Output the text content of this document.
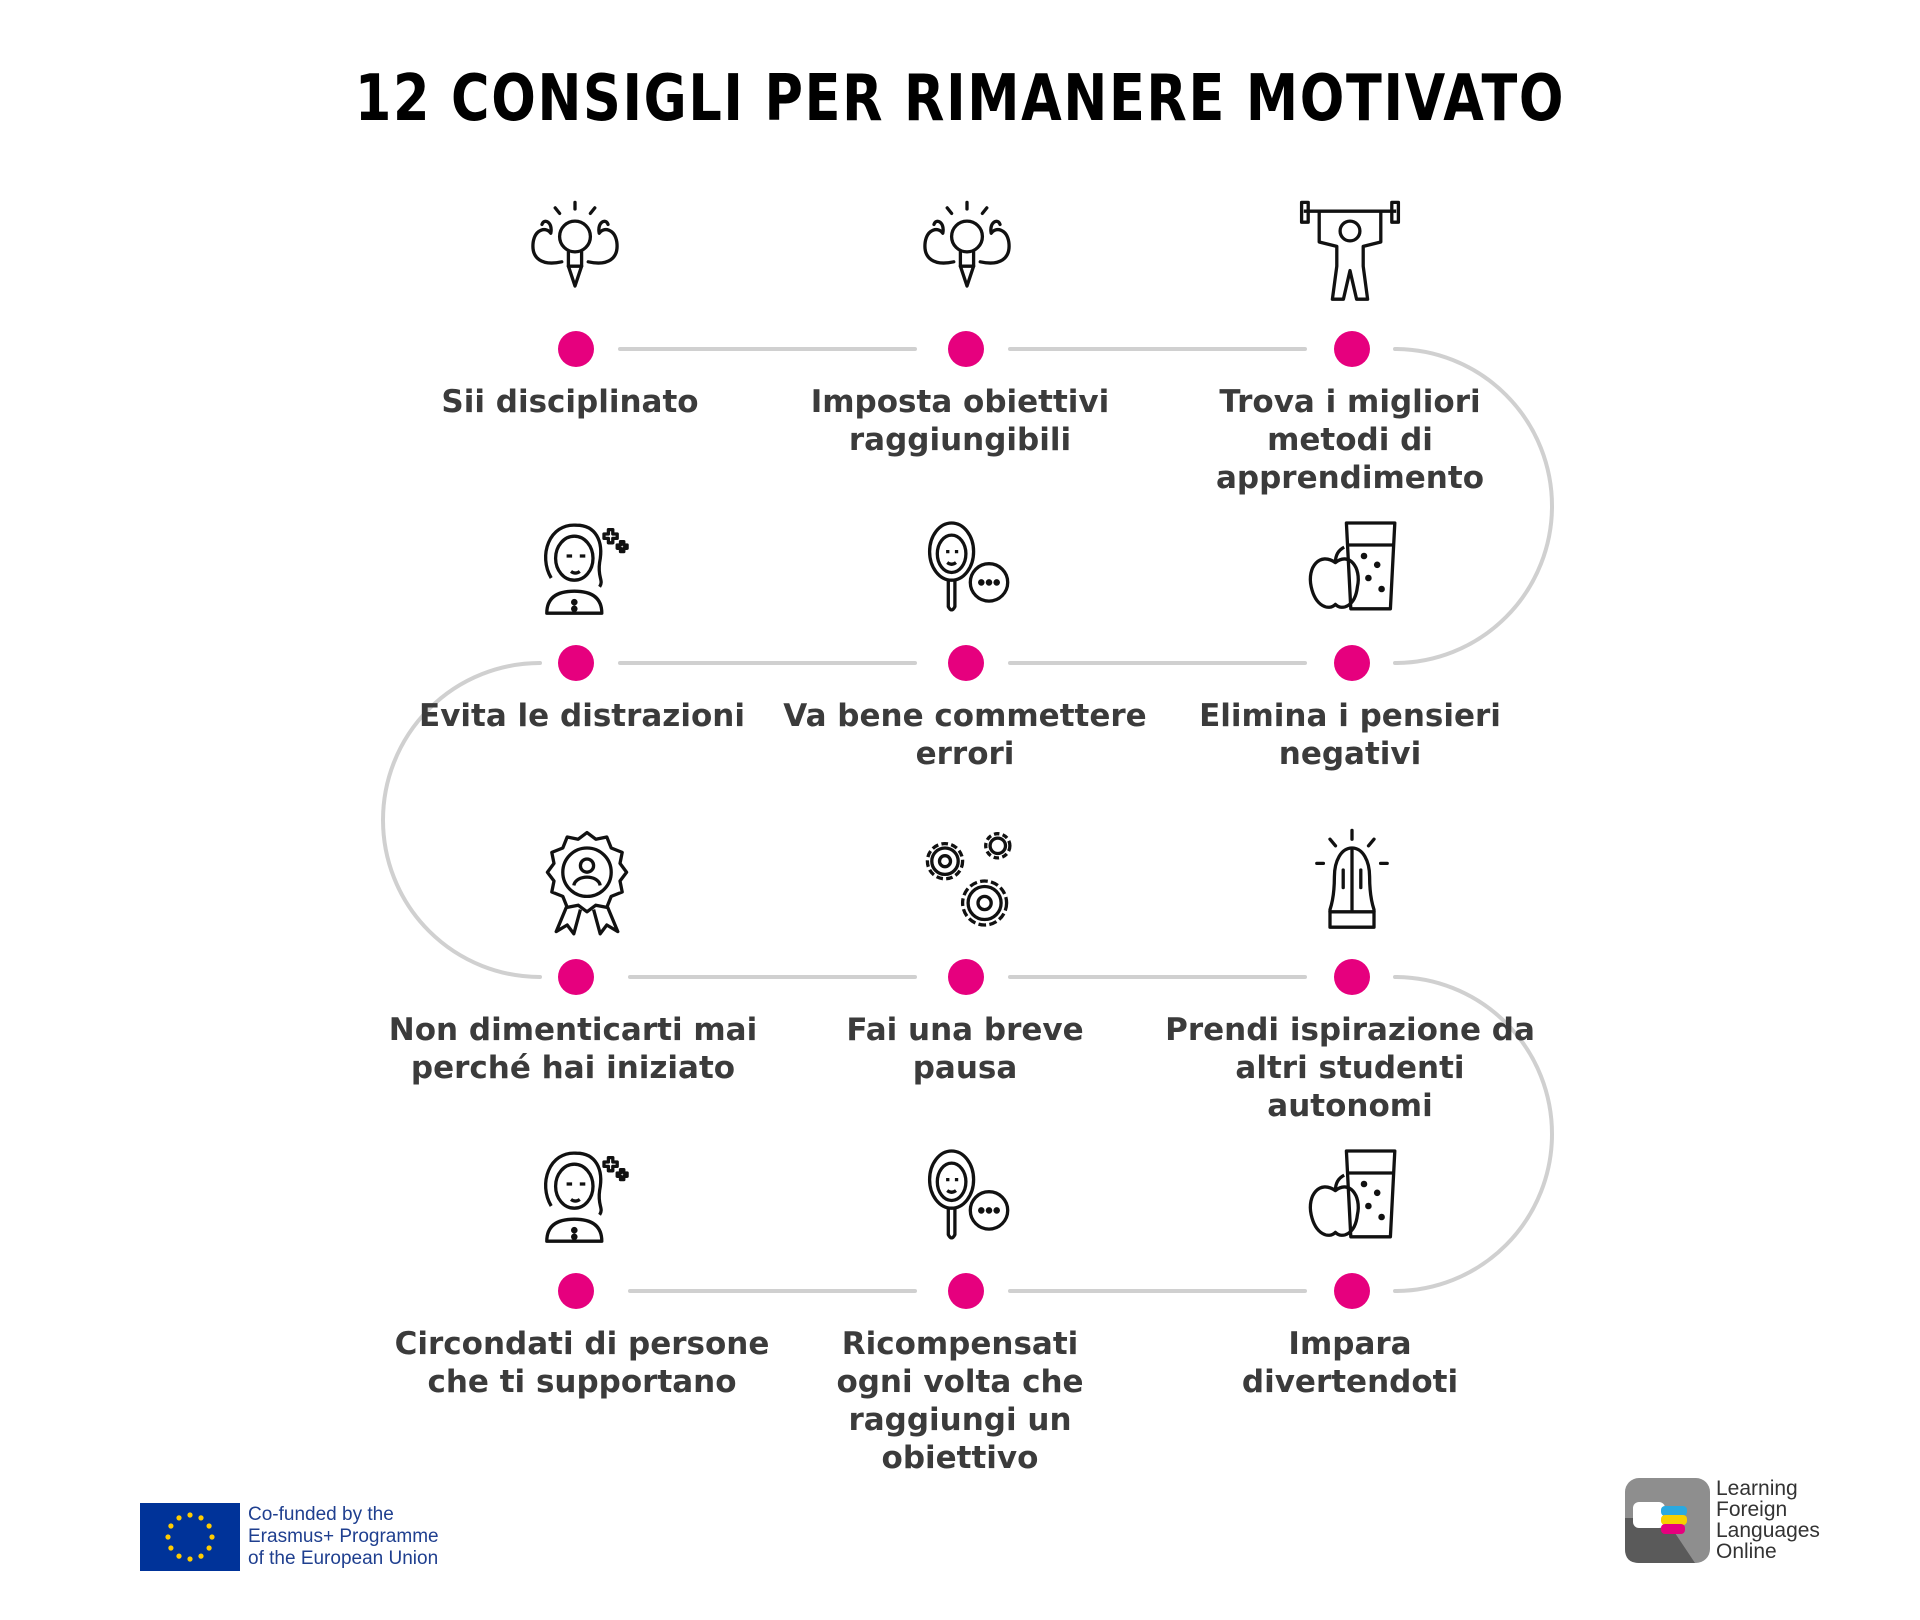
12 CONSIGLI PER RIMANERE MOTIVATO
Sii disciplinato	Imposta obiettivi
raggiungibili
Trova i migliori
metodi di
apprendimento
Evita le distrazioni	Va bene commettere
errori
Elimina i pensieri
negativi
Non dimenticarti mai
perché hai iniziato
Fai una breve
pausa
Prendi ispirazione da
altri studenti
autonomi
Circondati di persone
che ti supportano
Ricompensati
ogni volta che
raggiungi un
obiettivo
Impara
divertendoti
Co-funded by the
Erasmus+ Programme
of the European Union
Learning
Foreign
Languages
Online
